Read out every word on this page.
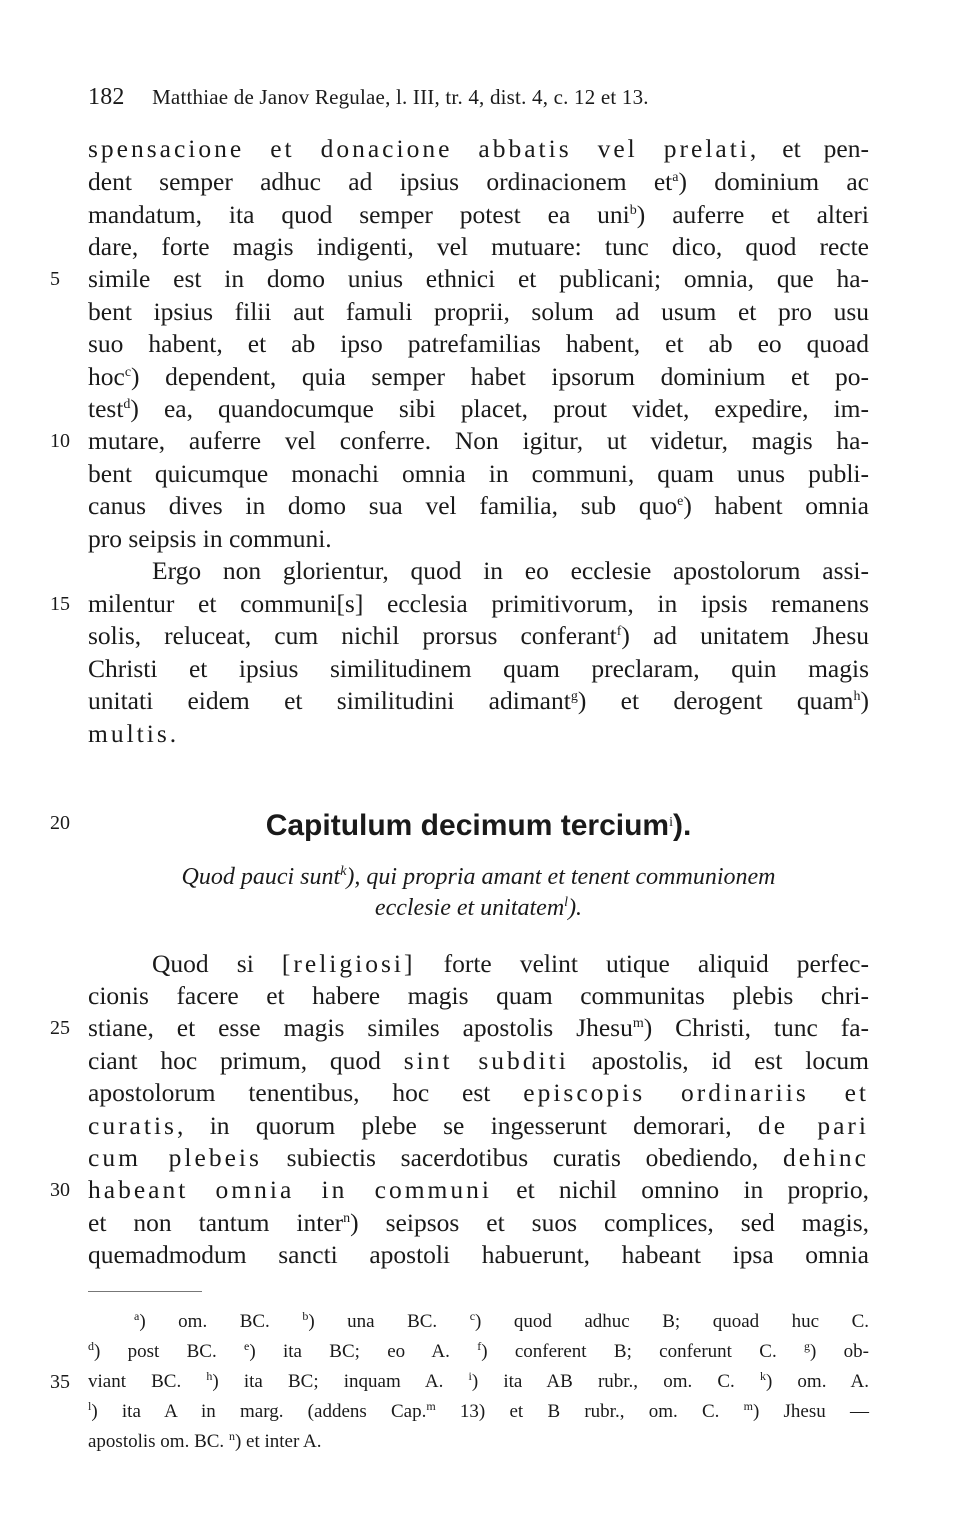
182 Matthiae de Janov Regulae, l. III, tr. 4, dist. 4, c. 12 et 13.
5
10
15
20
25
30
35
spensacione et donacione abbatis vel prelati, et pen-
dent semper adhuc ad ipsius ordinacionem $et^a$) dominium ac
mandatum, ita quod semper potest ea uni$^b$) auferre et alteri
dare, forte magis indigenti, vel mutuare: tunc dico, quod recte
simile est in domo unius ethnici et publicani; omnia, que ha-
bent ipsius filii aut famuli proprii, solum ad usum et pro usu
suo habent, et ab ipso patrefamilias habent, et ab eo quoad
hoc$^c$) dependent, quia semper habet ipsorum dominium et po-
test$^d$) ea, quandocumque sibi placet, prout videt, expedire, im-
mutare, auferre vel conferre. Non igitur, ut videtur, magis ha-
bent quicumque monachi omnia in communi, quam unus publi-
canus dives in domo sua vel familia, sub quo$^e$) habent omnia
pro seipsis in communi.
Ergo non glorientur, quod in eo ecclesie apostolorum assi-
milentur et communi[s] ecclesia primitivorum, in ipsis remanens
solis, reluceat, cum nichil prorsus conferant$^f$) ad unitatem Jhesu
Christi et ipsius similitudinem quam preclaram, quin magis
unitati eidem et similitudini adimant$^g$) et derogent quam$^h$)
multis.
Capitulum decimum tercium$^i$).
Quod pauci sunt$^k$), qui propria amant et tenent communionem
ecclesie et unitatem$^l$).
Quod si [religiosi] forte velint utique aliquid perfec-
cionis facere et habere magis quam communitas plebis chri-
stiane, et esse magis similes apostolis Jhesu$^m$) Christi, tunc fa-
ciant hoc primum, quod sint subditi apostolis, id est locum
apostolorum tenentibus, hoc est episcopis ordinariis et
curatis, in quorum plebe se ingesserunt demorari, de pari
cum plebeis subiectis sacerdotibus curatis obediendo, dehinc
habeant omnia in communi et nichil omnino in proprio,
et non tantum inter$^n$) seipsos et suos complices, sed magis,
quemadmodum sancti apostoli habuerunt, habeant ipsa omnia
$^a$) om. BC.	$^b$) una BC.	$^c$) quod adhuc B; quoad huc C.
$^d$) post BC. $^e$) ita BC; eo A. $^f$) conferent B; conferunt C. $^g$) ob-
viant BC. $^h$) ita BC; inquam A. $^i$) ita AB rubr., om. C. $^k$) om. A.
$^l$) ita A in marg. (addens Cap.$^m$ 13) et B rubr., om. C. $^m$) Jhesu —
apostolis om. BC. $^n$) et inter A.
